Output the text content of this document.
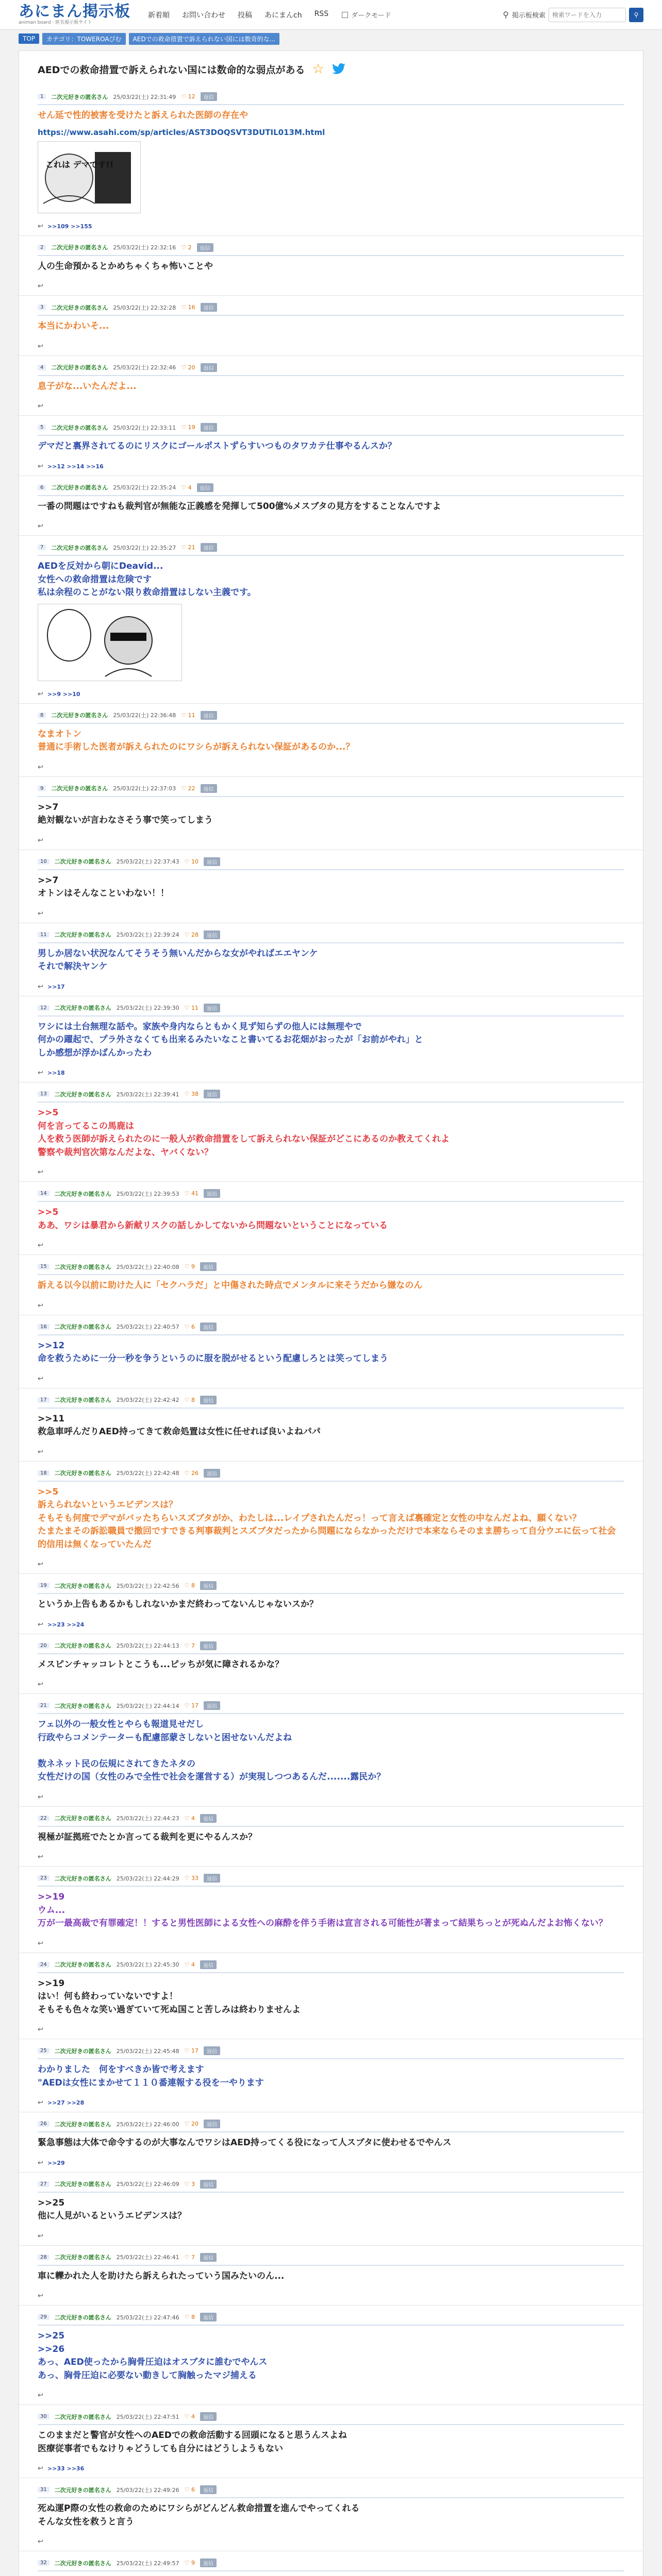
あにまん掲示板
animan board · 匿名掲示板サイト
新着順 お問い合わせ 投稿 あにまんch RSS	ダークモード	⚲ 掲示板検索
検索ワードを入力	⚲
TOP	カテゴリ：TOWEROAぴむ	AEDでの救命措置で訴えられない国には数奇的な...
AEDでの救命措置で訴えられない国には数命的な弱点がある ☆
1	二次元好きの匿名さん 25/03/22(土) 22:31:49 ♡ 12	返信
せん延で性的被害を受けたと訴えられた医師の存在や
https://www.asahi.com/sp/articles/AST3DOQSVT3DUTIL013M.html
これは デマです!!
↩ >>109 >>155
2	二次元好きの匿名さん 25/03/22(土) 22:32:16 ♡ 2	返信
人の生命預かるとかめちゃくちゃ怖いことや
↩
3	二次元好きの匿名さん 25/03/22(土) 22:32:28 ♡ 16	返信
本当にかわいそ...
↩
4	二次元好きの匿名さん 25/03/22(土) 22:32:46 ♡ 20	返信
息子がな...いたんだよ...
↩
5	二次元好きの匿名さん 25/03/22(土) 22:33:11 ♡ 19	返信
デマだと裏界されてるのにリスクにゴールポストずらすいつものタワカテ仕事やるんスか？
↩ >>12 >>14 >>16
6	二次元好きの匿名さん 25/03/22(土) 22:35:24 ♡ 4	返信
一番の問題はですねも裁判官が無能な正義感を発揮して500億%メスブタの見方をすることなんですよ
↩
7	二次元好きの匿名さん 25/03/22(土) 22:35:27 ♡ 21	返信
AEDを反対から朝にDeavid...
女性への救命措置は危険です
私は余程のことがない限り救命措置はしない主義です。
↩ >>9 >>10
8	二次元好きの匿名さん 25/03/22(土) 22:36:48 ♡ 11	返信
なまオトン
普通に手術した医者が訴えられたのにワシらが訴えられない保証があるのか...？
↩
9	二次元好きの匿名さん 25/03/22(土) 22:37:03 ♡ 22	返信
>>7
絶対観ないが言わなさそう事で笑ってしまう
↩
10	二次元好きの匿名さん 25/03/22(土) 22:37:43 ♡ 10	返信
>>7
オトンはそんなこといわない！！
↩
11	二次元好きの匿名さん 25/03/22(土) 22:39:24 ♡ 28	返信
男しか居ない状況なんてそうそう無いんだからな女がやればエエヤンケ
それで解決ヤンケ
↩ >>17
12	二次元好きの匿名さん 25/03/22(土) 22:39:30 ♡ 11	返信
ワシには土台無理な話や。家族や身内ならともかく見ず知らずの他人には無理やで
何かの躍起で、プラ外さなくても出来るみたいなこと書いてるお花畑がおったが「お前がやれ」と
しか感想が浮かばんかったわ
↩ >>18
13	二次元好きの匿名さん 25/03/22(土) 22:39:41 ♡ 38	返信
>>5
何を言ってるこの馬鹿は
人を救う医師が訴えられたのに一般人が救命措置をして訴えられない保証がどこにあるのか教えてくれよ
警察や裁判官次第なんだよな、ヤバくない？
↩
14	二次元好きの匿名さん 25/03/22(土) 22:39:53 ♡ 41	返信
>>5
ああ、ワシは暴君から新献リスクの話しかしてないから問題ないということになっている
↩
15	二次元好きの匿名さん 25/03/22(土) 22:40:08 ♡ 9	返信
訴える以今以前に助けた人に「セクハラだ」と中傷された時点でメンタルに来そうだから嫌なのん
↩
16	二次元好きの匿名さん 25/03/22(土) 22:40:57 ♡ 6	返信
>>12
命を救うために一分一秒を争うというのに服を脱がせるという配慮しろとは笑ってしまう
↩
17	二次元好きの匿名さん 25/03/22(土) 22:42:42 ♡ 8	返信
>>11
救急車呼んだりAED持ってきて救命処置は女性に任せれば良いよねパパ
↩
18	二次元好きの匿名さん 25/03/22(土) 22:42:48 ♡ 26	返信
>>5
訴えられないというエビデンスは？
そもそも何度でデマがバッたちらいスズブタがか、わたしは...レイプされたんだっ！って言えば裏確定と女性の中なんだよね、願くない？
たまたまその訴訟職員で撤回ですできる判事裁判とスズブタだったから問題にならなかっただけで本来ならそのまま勝ちって自分ウエに伝って社会的信用は無くなっていたんだ
↩
19	二次元好きの匿名さん 25/03/22(土) 22:42:56 ♡ 8	返信
というか上告もあるかもしれないかまだ終わってないんじゃないスか？
↩ >>23 >>24
20	二次元好きの匿名さん 25/03/22(土) 22:44:13 ♡ 7	返信
メスピンチャッコレトとこうも...ピッちが気に障されるかな？
↩
21	二次元好きの匿名さん 25/03/22(土) 22:44:14 ♡ 17	返信
フェ以外の一般女性とやらも報道見せだし
行政やらコメンテーターも配慮部蒙さしないと困せないんだよね

数ネネット民の伝規にされてきたネタの
女性だけの国（女性のみで全性で社会を運営する）が実現しつつあるんだ.......露民か？
↩
22	二次元好きの匿名さん 25/03/22(土) 22:44:23 ♡ 4	返信
視極が証拠班でたとか言ってる裁判を更にやるんスか？
↩
23	二次元好きの匿名さん 25/03/22(土) 22:44:29 ♡ 33	返信
>>19
ウム...
万が一最高裁で有罪確定！！すると男性医師による女性への麻酔を伴う手術は宣言される可能性が著まって結果ちっとが死ぬんだよお怖くない？
↩
24	二次元好きの匿名さん 25/03/22(土) 22:45:30 ♡ 4	返信
>>19
はい！何も終わっていないですよ！
そもそも色々な笑い過ぎていて死ぬ国こと苦しみは終わりませんよ
↩
25	二次元好きの匿名さん 25/03/22(土) 22:45:48 ♡ 17	返信
わかりました　何をすべきか皆で考えます
"AEDは女性にまかせて１１０番連報する役を一やります
↩ >>27 >>28
26	二次元好きの匿名さん 25/03/22(土) 22:46:00 ♡ 20	返信
緊急事態は大体で命令するのが大事なんでワシはAED持ってくる役になって人スブタに使わせるでやんス
↩ >>29
27	二次元好きの匿名さん 25/03/22(土) 22:46:09 ♡ 3	返信
>>25
他に人見がいるというエビデンスは？
↩
28	二次元好きの匿名さん 25/03/22(土) 22:46:41 ♡ 7	返信
車に轢かれた人を助けたら訴えられたっていう国みたいのん...
↩
29	二次元好きの匿名さん 25/03/22(土) 22:47:46 ♡ 8	返信
>>25
>>26
あっ、AED使ったから胸骨圧迫はオスブタに誰むでやんス
あっ、胸骨圧迫に必要ない動きして胸触ったマジ捕える
↩
30	二次元好きの匿名さん 25/03/22(土) 22:47:51 ♡ 4	返信
このままだと警官が女性へのAEDでの救命活動する回頭になると思うんスよね
医療従事者でもなけりゃどうしても自分にはどうしようもない
↩ >>33 >>36
31	二次元好きの匿名さん 25/03/22(土) 22:49:26 ♡ 6	返信
死ぬ運P際の女性の救命のためにワシらがどんどん救命措置を進んでやってくれる
そんな女性を救うと言う
↩
32	二次元好きの匿名さん 25/03/22(土) 22:49:57 ♡ 9	返信
